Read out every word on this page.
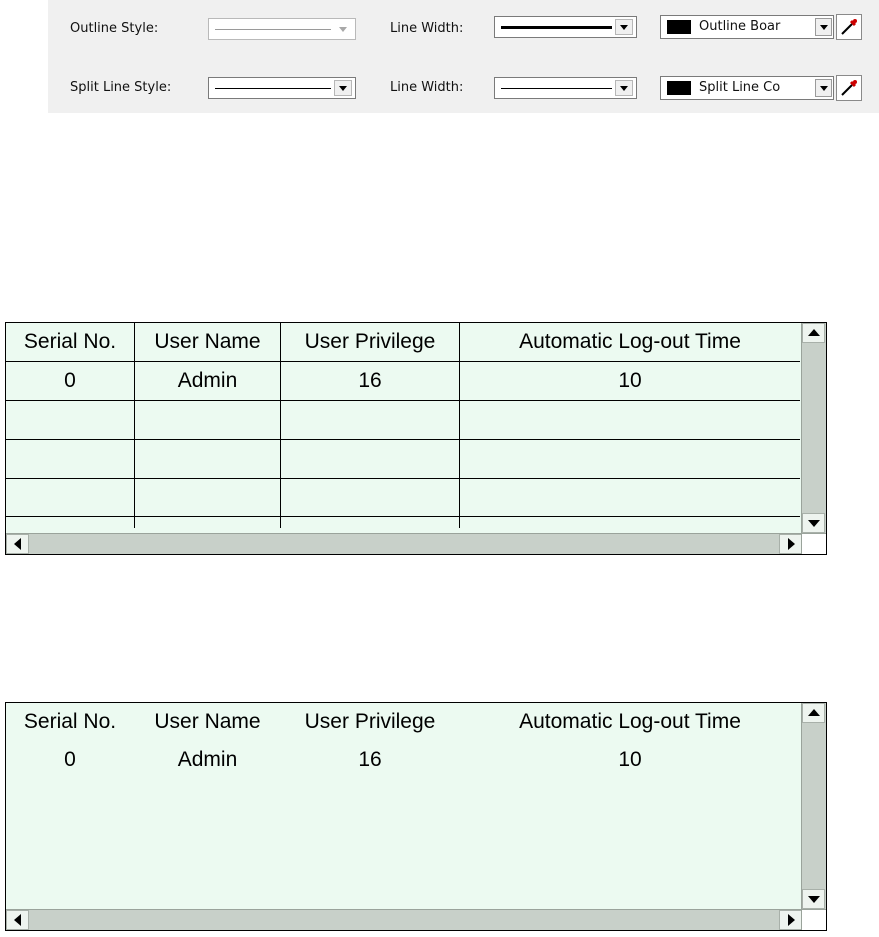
Outline Style:	Line Width:	Outline Boar
Split Line Style:	Line Width:	Split Line Co
Serial No.	User Name	User Privilege	Automatic Log-out Time
0	Admin	16	10
Serial No.	User Name	User Privilege	Automatic Log-out Time
0	Admin	16	10
